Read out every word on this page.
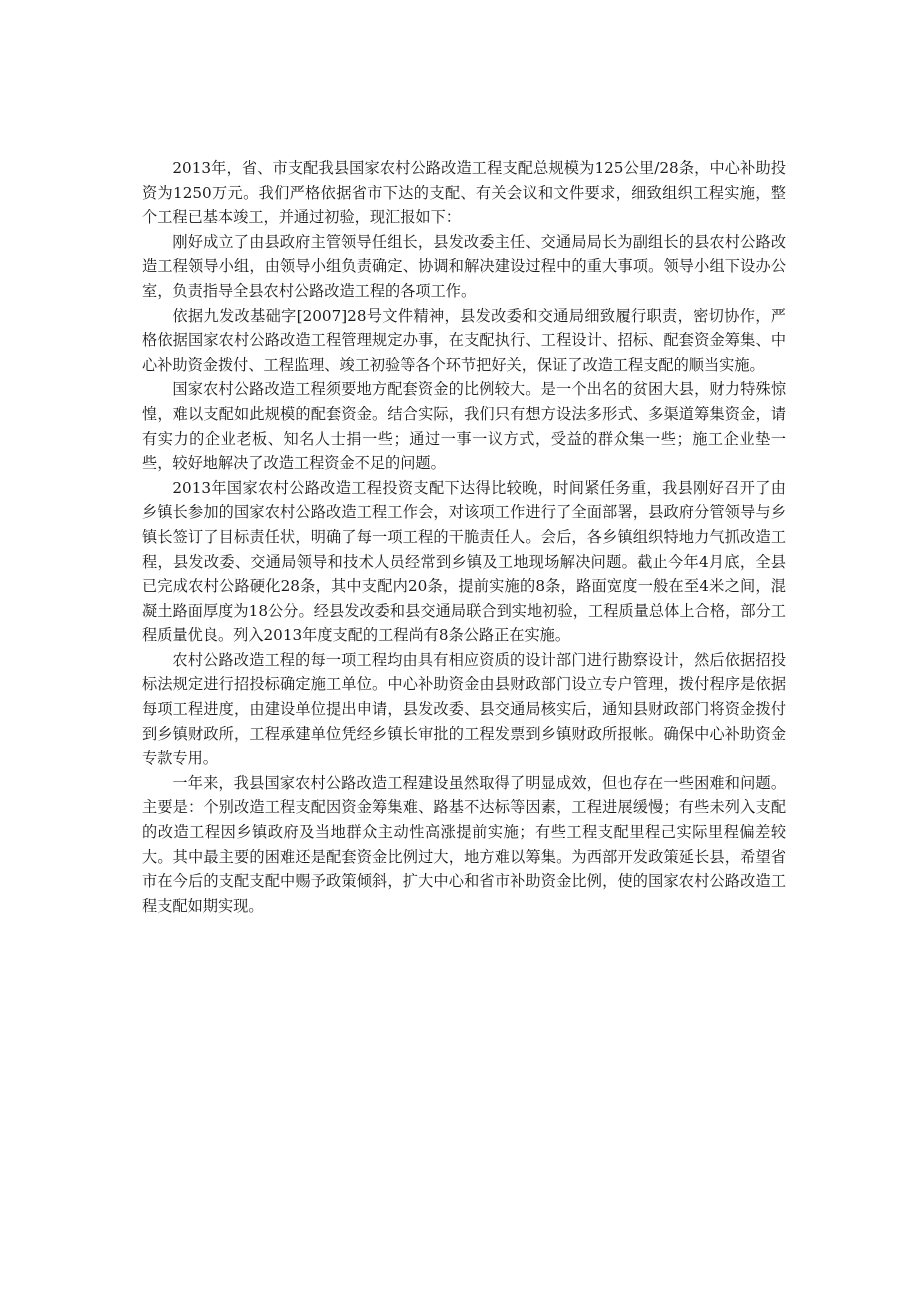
2013年，省、市支配我县国家农村公路改造工程支配总规模为125公里/28条，中心补助投资为1250万元。我们严格依据省市下达的支配、有关会议和文件要求，细致组织工程实施，整个工程已基本竣工，并通过初验，现汇报如下：

刚好成立了由县政府主管领导任组长，县发改委主任、交通局局长为副组长的县农村公路改造工程领导小组，由领导小组负责确定、协调和解决建设过程中的重大事项。领导小组下设办公室，负责指导全县农村公路改造工程的各项工作。

依据九发改基础字[2007]28号文件精神，县发改委和交通局细致履行职责，密切协作，严格依据国家农村公路改造工程管理规定办事，在支配执行、工程设计、招标、配套资金筹集、中心补助资金拨付、工程监理、竣工初验等各个环节把好关，保证了改造工程支配的顺当实施。

国家农村公路改造工程须要地方配套资金的比例较大。是一个出名的贫困大县，财力特殊惊惶，难以支配如此规模的配套资金。结合实际，我们只有想方设法多形式、多渠道筹集资金，请有实力的企业老板、知名人士捐一些；通过一事一议方式，受益的群众集一些；施工企业垫一些，较好地解决了改造工程资金不足的问题。

2013年国家农村公路改造工程投资支配下达得比较晚，时间紧任务重，我县刚好召开了由乡镇长参加的国家农村公路改造工程工作会，对该项工作进行了全面部署，县政府分管领导与乡镇长签订了目标责任状，明确了每一项工程的干脆责任人。会后，各乡镇组织特地力气抓改造工程，县发改委、交通局领导和技术人员经常到乡镇及工地现场解决问题。截止今年4月底，全县已完成农村公路硬化28条，其中支配内20条，提前实施的8条，路面宽度一般在至4米之间，混凝土路面厚度为18公分。经县发改委和县交通局联合到实地初验，工程质量总体上合格，部分工程质量优良。列入2013年度支配的工程尚有8条公路正在实施。

农村公路改造工程的每一项工程均由具有相应资质的设计部门进行勘察设计，然后依据招投标法规定进行招投标确定施工单位。中心补助资金由县财政部门设立专户管理，拨付程序是依据每项工程进度，由建设单位提出申请，县发改委、县交通局核实后，通知县财政部门将资金拨付到乡镇财政所，工程承建单位凭经乡镇长审批的工程发票到乡镇财政所报帐。确保中心补助资金专款专用。

一年来，我县国家农村公路改造工程建设虽然取得了明显成效，但也存在一些困难和问题。主要是：个别改造工程支配因资金筹集难、路基不达标等因素，工程进展缓慢；有些未列入支配的改造工程因乡镇政府及当地群众主动性高涨提前实施；有些工程支配里程己实际里程偏差较大。其中最主要的困难还是配套资金比例过大，地方难以筹集。为西部开发政策延长县，希望省市在今后的支配支配中赐予政策倾斜，扩大中心和省市补助资金比例，使的国家农村公路改造工程支配如期实现。
